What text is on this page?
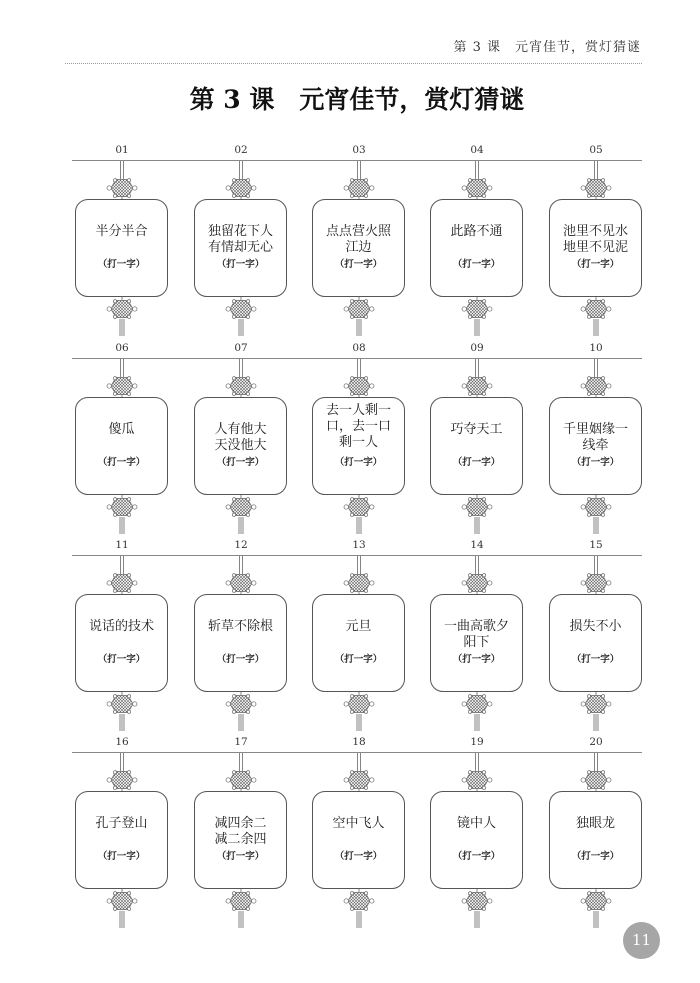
第 3 课　元宵佳节，赏灯猜谜
第 3 课　元宵佳节，赏灯猜谜
01
半分半合
（打一字）
02
独留花下人
有情却无心
（打一字）
03
点点营火照
江边
（打一字）
04
此路不通
（打一字）
05
池里不见水
地里不见泥
（打一字）
06
傻瓜
（打一字）
07
人有他大
天没他大
（打一字）
08
去一人剩一
口，去一口
剩一人
（打一字）
09
巧夺天工
（打一字）
10
千里姻缘一
线牵
（打一字）
11
说话的技术
（打一字）
12
斩草不除根
（打一字）
13
元旦
（打一字）
14
一曲高歌夕
阳下
（打一字）
15
损失不小
（打一字）
16
孔子登山
（打一字）
17
减四余二
减二余四
（打一字）
18
空中飞人
（打一字）
19
镜中人
（打一字）
20
独眼龙
（打一字）
11
